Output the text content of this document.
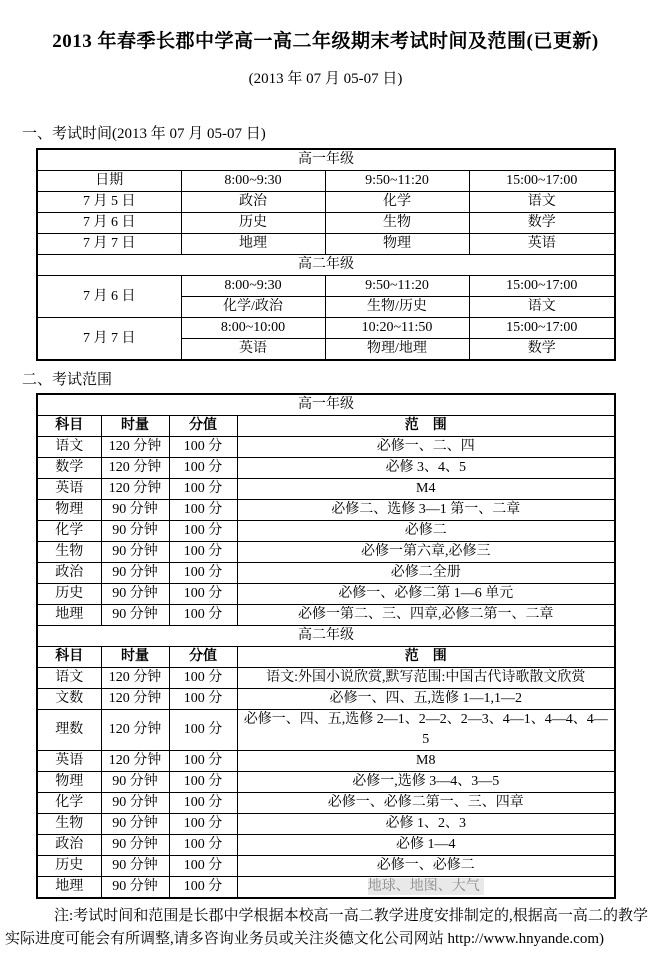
2013 年春季长郡中学高一高二年级期末考试时间及范围(已更新)
(2013 年 07 月 05-07 日)
一、考试时间(2013 年 07 月 05-07 日)
高一年级			
日期	8:00~9:30	9:50~11:20	15:00~17:00
7 月 5 日	政治	化学	语文
7 月 6 日	历史	生物	数学
7 月 7 日	地理	物理	英语
高二年级			
7 月 6 日	8:00~9:30	9:50~11:20	15:00~17:00
	化学/政治	生物/历史	语文
7 月 7 日	8:00~10:00	10:20~11:50	15:00~17:00
	英语	物理/地理	数学
二、考试范围
高一年级			
科目	时量	分值	范　围
语文	120 分钟	100 分	必修一、二、四
数学	120 分钟	100 分	必修 3、4、5
英语	120 分钟	100 分	M4
物理	90 分钟	100 分	必修二、选修 3—1 第一、二章
化学	90 分钟	100 分	必修二
生物	90 分钟	100 分	必修一第六章,必修三
政治	90 分钟	100 分	必修二全册
历史	90 分钟	100 分	必修一、必修二第 1—6 单元
地理	90 分钟	100 分	必修一第二、三、四章,必修二第一、二章
高二年级			
科目	时量	分值	范　围
语文	120 分钟	100 分	语文:外国小说欣赏,默写范围:中国古代诗歌散文欣赏
文数	120 分钟	100 分	必修一、四、五,选修 1—1,1—2
理数	120 分钟	100 分	必修一、四、五,选修 2—1、2—2、2—3、4—1、4—4、4—5
英语	120 分钟	100 分	M8
物理	90 分钟	100 分	必修一,选修 3—4、3—5
化学	90 分钟	100 分	必修一、必修二第一、三、四章
生物	90 分钟	100 分	必修 1、2、3
政治	90 分钟	100 分	必修 1—4
历史	90 分钟	100 分	必修一、必修二
地理	90 分钟	100 分	地球、地图、大气
注:考试时间和范围是长郡中学根据本校高一高二教学进度安排制定的,根据高一高二的教学实际进度可能会有所调整,请多咨询业务员或关注炎德文化公司网站 http://www.hnyande.com)
